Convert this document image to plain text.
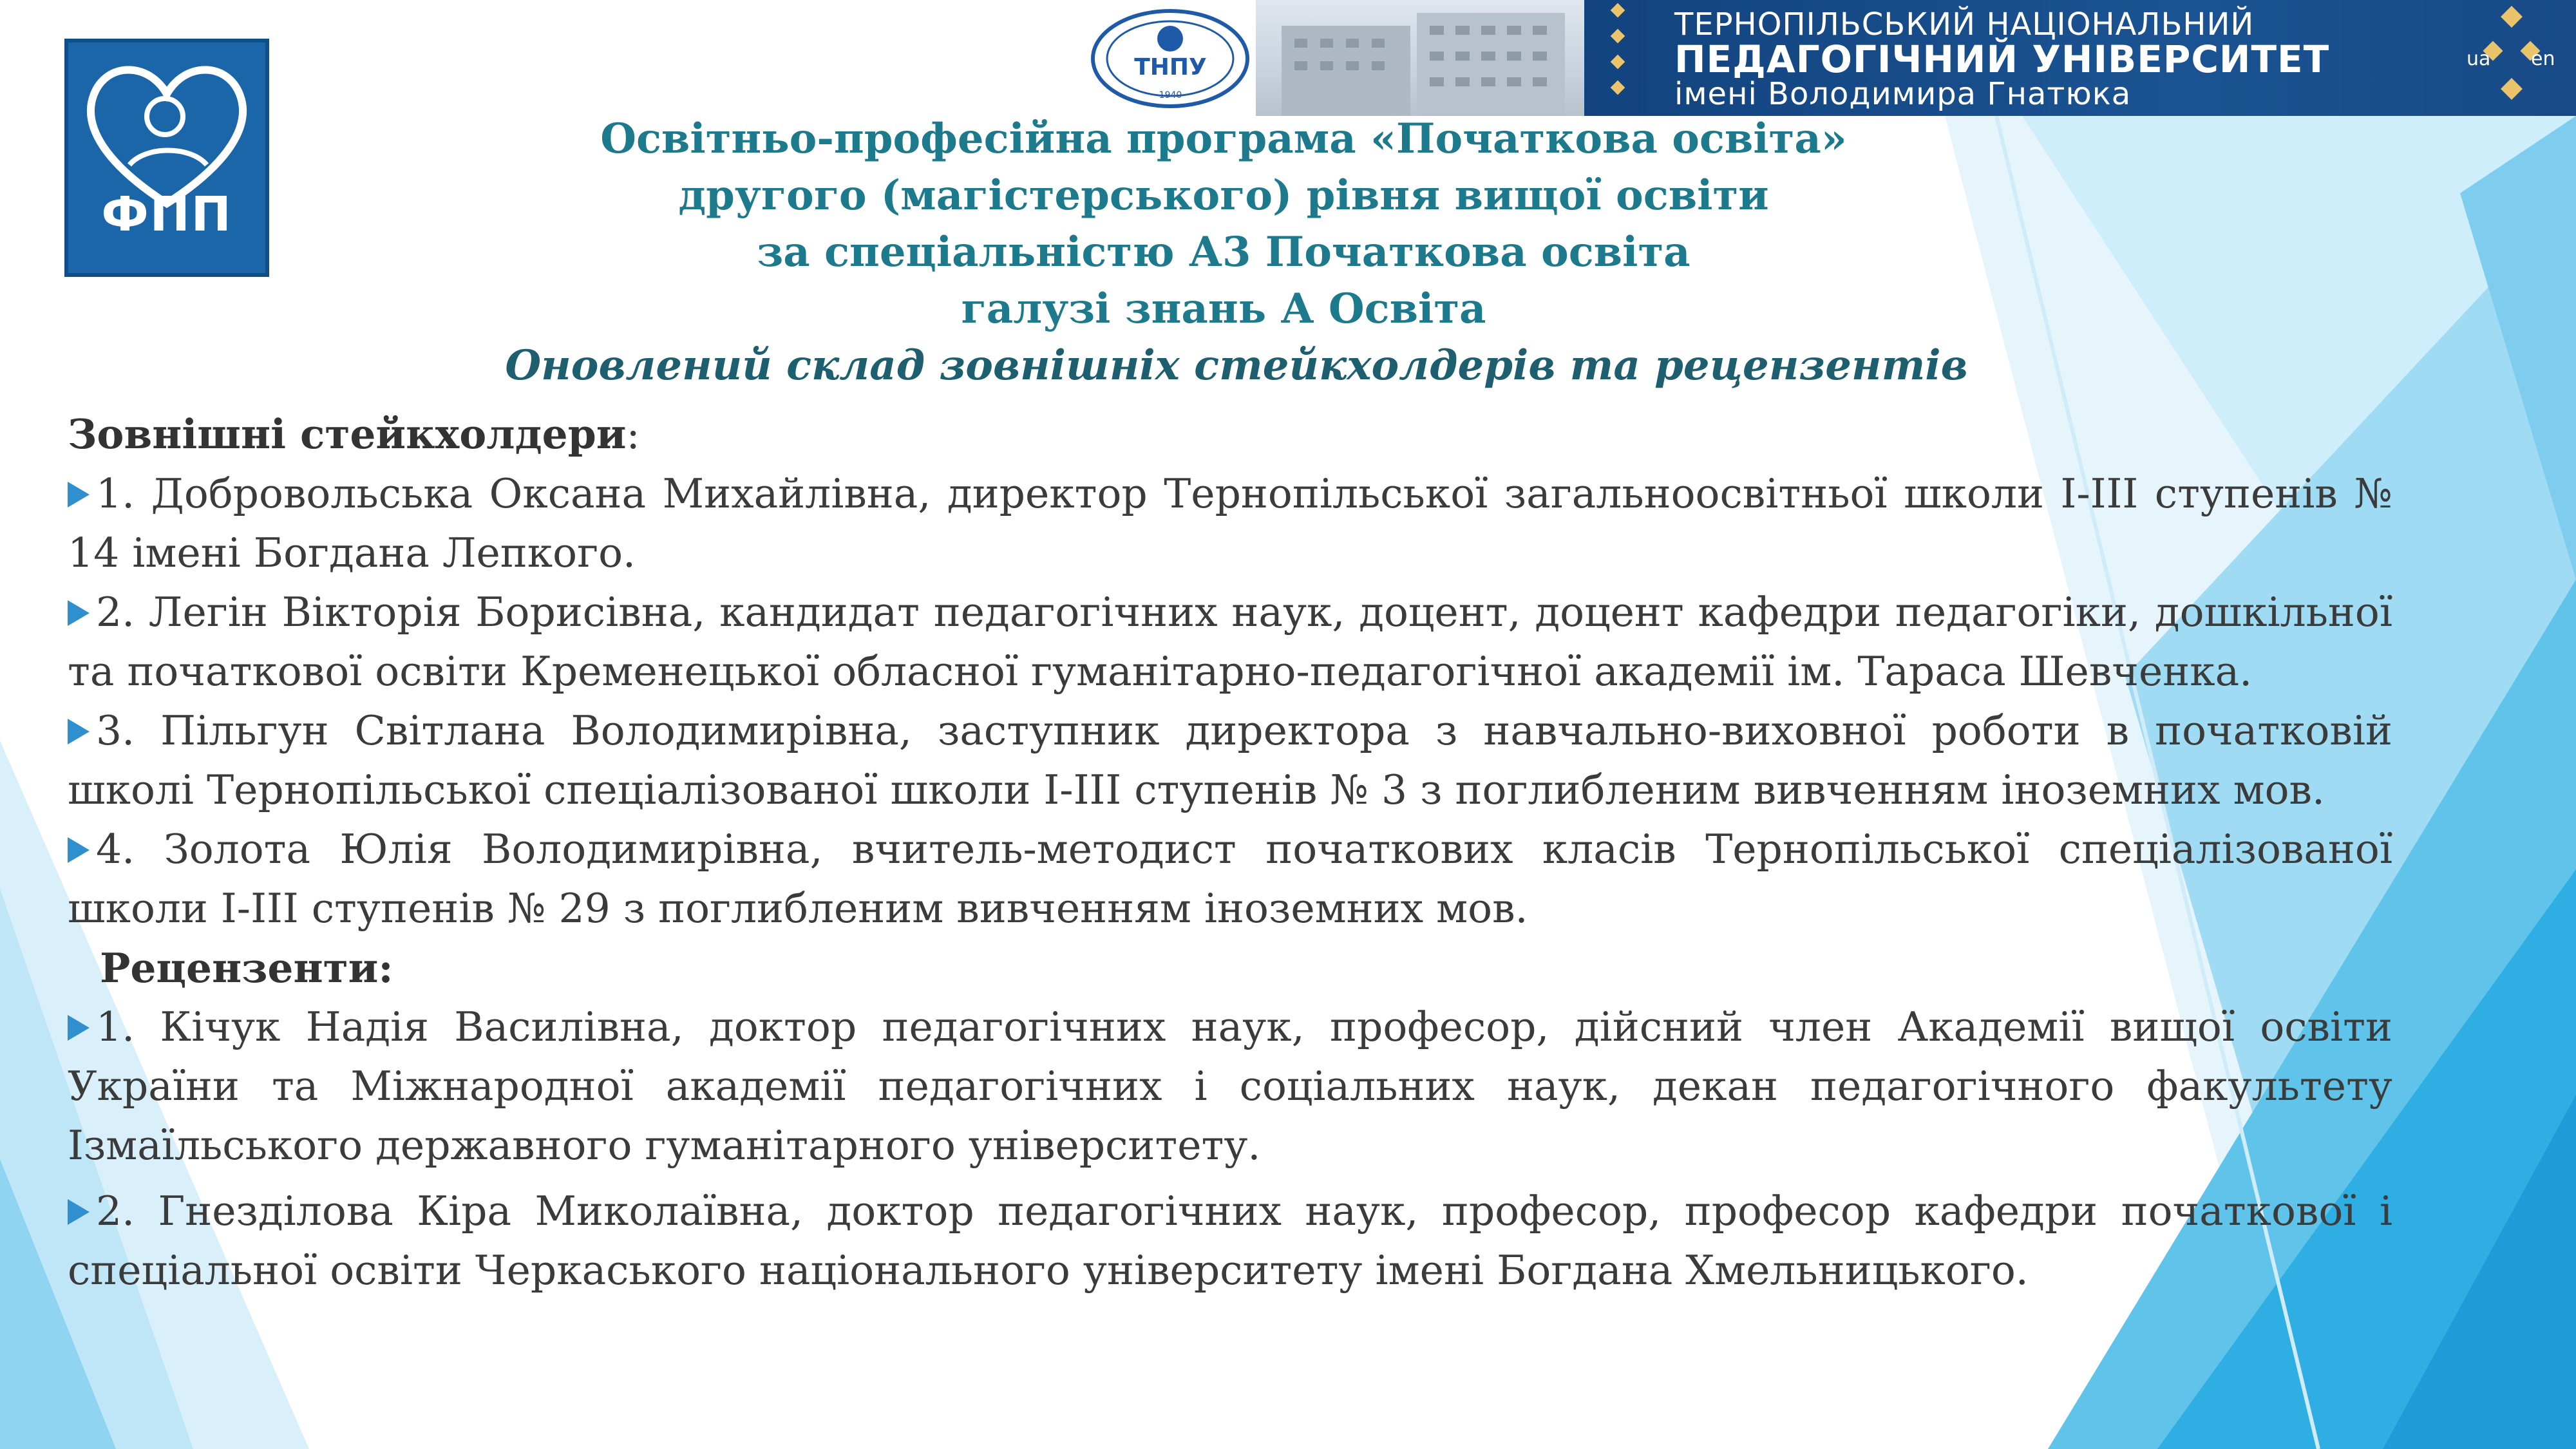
ФПП
ТНПУ
1940
ТЕРНОПІЛЬСЬКИЙ НАЦІОНАЛЬНИЙ
ПЕДАГОГІЧНИЙ УНІВЕРСИТЕТ
імені Володимира Гнатюка
ua en
Освітньо-професійна програма «Початкова освіта»
другого (магістерського) рівня вищої освіти
за спеціальністю А3 Початкова освіта
галузі знань А Освіта
Оновлений склад зовнішніх стейкхолдерів та рецензентів
Зовнішні стейкхолдери:
1. Добровольська Оксана Михайлівна, директор Тернопільської загальноосвітньої школи І-ІІІ ступенів № 14 імені Богдана Лепкого.
2. Легін Вікторія Борисівна, кандидат педагогічних наук, доцент, доцент кафедри педагогіки, дошкільної та початкової освіти Кременецької обласної гуманітарно-педагогічної академії ім. Тараса Шевченка.
3. Пільгун Світлана Володимирівна, заступник директора з навчально-виховної роботи в початковій школі Тернопільської спеціалізованої школи І-ІІІ ступенів № 3 з поглибленим вивченням іноземних мов.
4. Золота Юлія Володимирівна, вчитель-методист початкових класів Тернопільської спеціалізованої школи І-ІІІ ступенів № 29 з поглибленим вивченням іноземних мов.
Рецензенти:
1. Кічук Надія Василівна, доктор педагогічних наук, професор, дійсний член Академії вищої освіти України та Міжнародної академії педагогічних і соціальних наук, декан педагогічного факультету Ізмаїльського державного гуманітарного університету.
2. Гнезділова Кіра Миколаївна, доктор педагогічних наук, професор, професор кафедри початкової і спеціальної освіти Черкаського національного університету імені Богдана Хмельницького.
